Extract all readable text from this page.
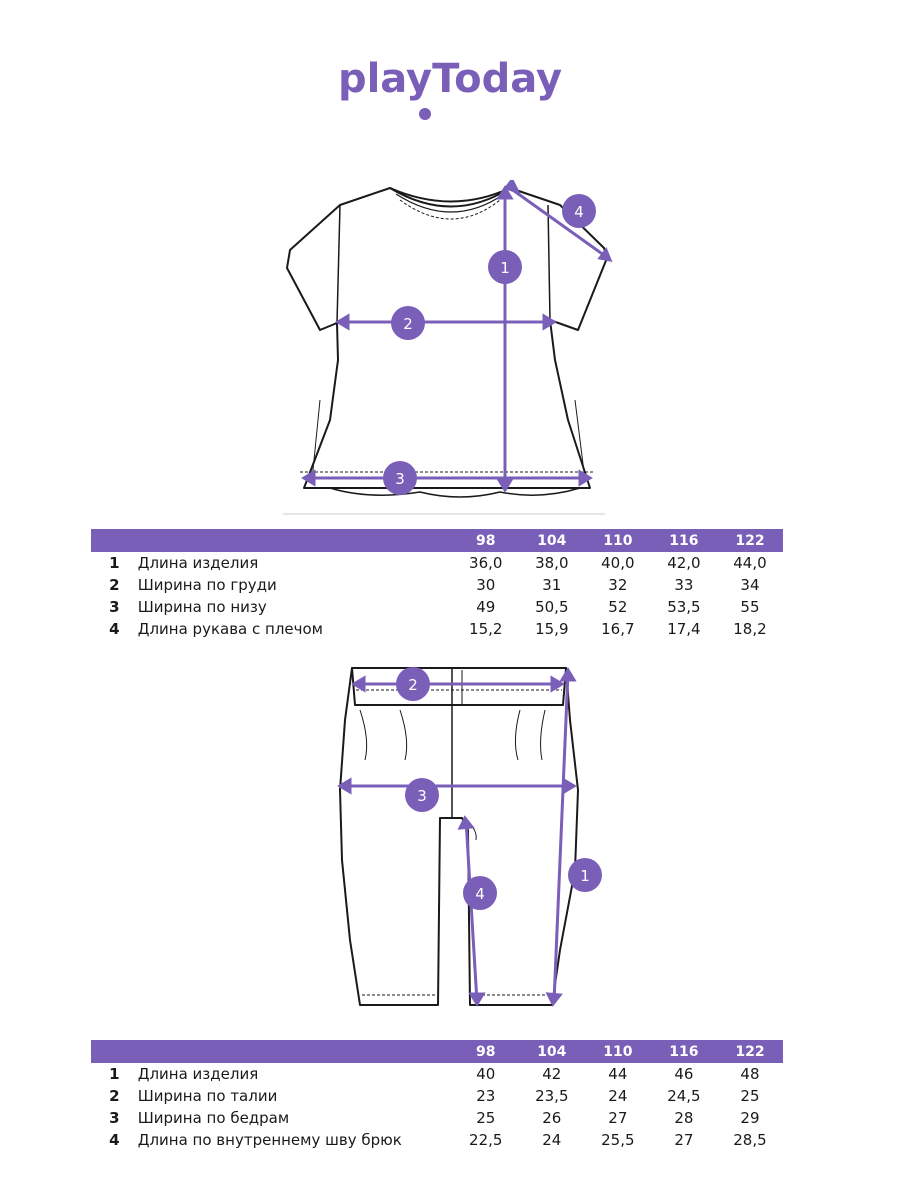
playToday
1
2
3
4
		98	104	110	116	122
1	Длина изделия	36,0	38,0	40,0	42,0	44,0
2	Ширина по груди	30	31	32	33	34
3	Ширина по низу	49	50,5	52	53,5	55
4	Длина рукава с плечом	15,2	15,9	16,7	17,4	18,2
2
3
1
4
		98	104	110	116	122
1	Длина изделия	40	42	44	46	48
2	Ширина по талии	23	23,5	24	24,5	25
3	Ширина по бедрам	25	26	27	28	29
4	Длина по внутреннему шву брюк	22,5	24	25,5	27	28,5
